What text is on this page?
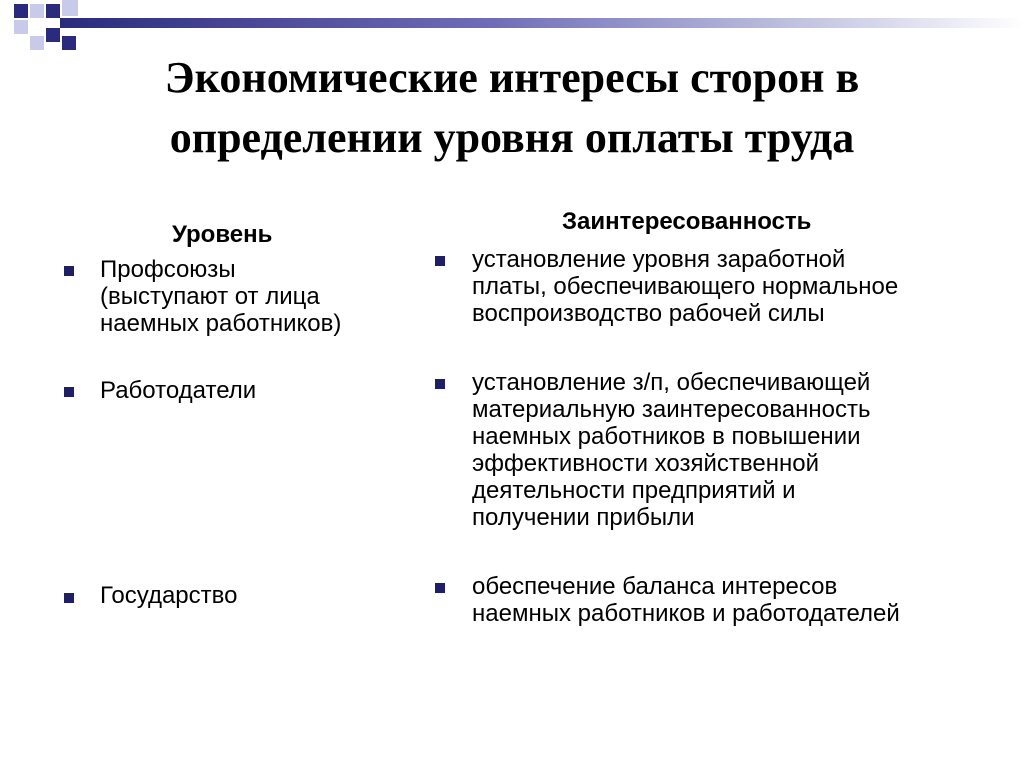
Экономические интересы сторон в
определении уровня оплаты труда
Уровень
Профсоюзы
(выступают от лица
наемных работников)
Работодатели
Государство
Заинтересованность
установление уровня заработной
платы, обеспечивающего нормальное
воспроизводство рабочей силы
установление з/п, обеспечивающей
материальную заинтересованность
наемных работников в повышении
эффективности хозяйственной
деятельности предприятий и
получении прибыли
обеспечение баланса интересов
наемных работников и работодателей
